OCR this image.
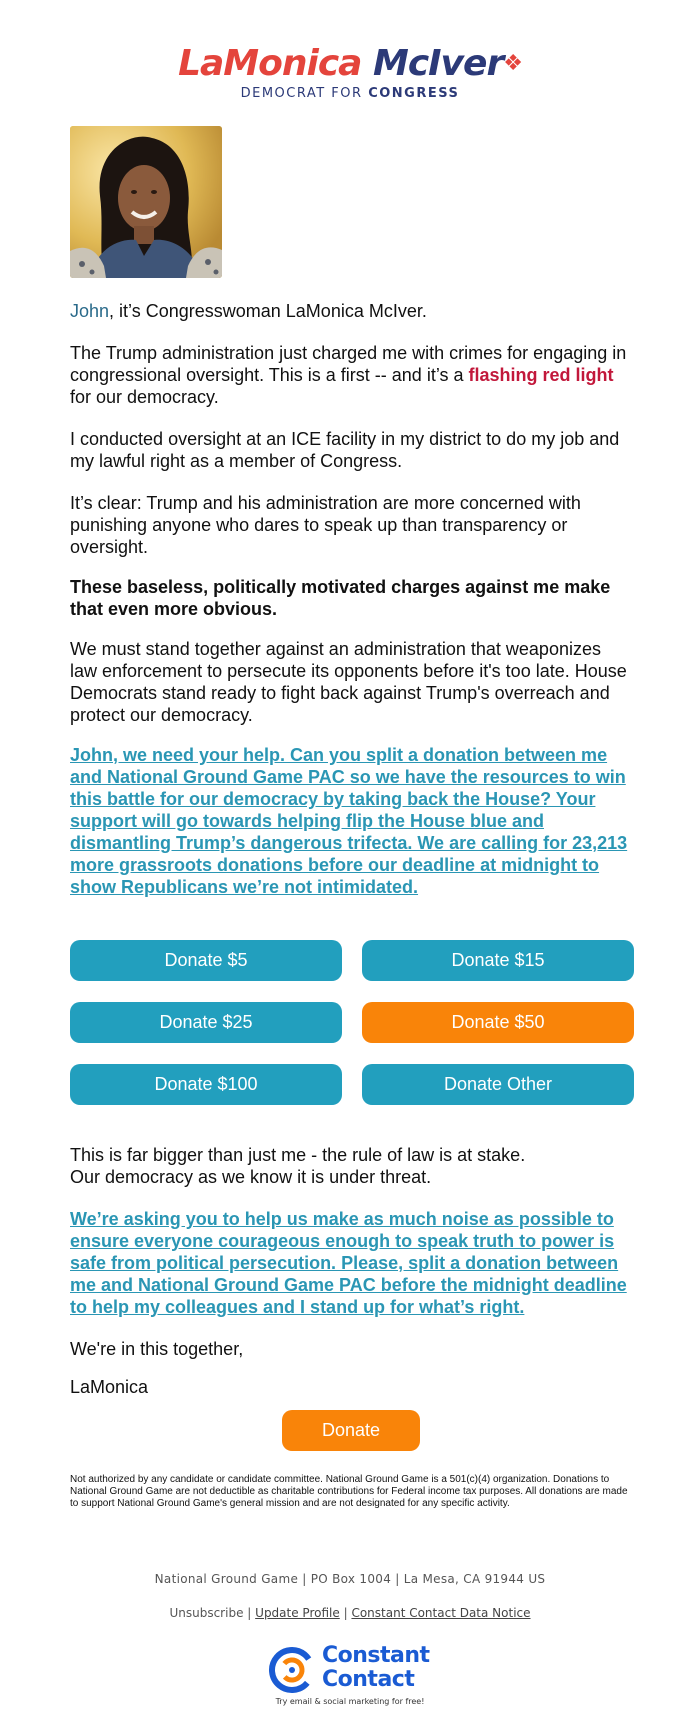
LaMonica McIver❖
DEMOCRAT FOR CONGRESS

John, it’s Congresswoman LaMonica McIver.

The Trump administration just charged me with crimes for engaging in congressional oversight. This is a first -- and it’s a flashing red light for our democracy.

I conducted oversight at an ICE facility in my district to do my job and my lawful right as a member of Congress.

It’s clear: Trump and his administration are more concerned with punishing anyone who dares to speak up than transparency or oversight.

These baseless, politically motivated charges against me make that even more obvious.

We must stand together against an administration that weaponizes law enforcement to persecute its opponents before it's too late. House Democrats stand ready to fight back against Trump's overreach and protect our democracy.

John, we need your help. Can you split a donation between me and National Ground Game PAC so we have the resources to win this battle for our democracy by taking back the House? Your support will go towards helping flip the House blue and dismantling Trump’s dangerous trifecta. We are calling for 23,213 more grassroots donations before our deadline at midnight to show Republicans we’re not intimidated.

Donate $5	Donate $15
Donate $25	Donate $50
Donate $100	Donate Other

This is far bigger than just me - the rule of law is at stake.

Our democracy as we know it is under threat.

We’re asking you to help us make as much noise as possible to ensure everyone courageous enough to speak truth to power is safe from political persecution. Please, split a donation between me and National Ground Game PAC before the midnight deadline to help my colleagues and I stand up for what’s right.

We're in this together,

LaMonica

Donate
Not authorized by any candidate or candidate committee. National Ground Game is a 501(c)(4) organization. Donations to National Ground Game are not deductible as charitable contributions for Federal income tax purposes. All donations are made to support National Ground Game's general mission and are not designated for any specific activity.
National Ground Game | PO Box 1004 | La Mesa, CA 91944 US
Unsubscribe | Update Profile | Constant Contact Data Notice
Constant
Contact
Try email & social marketing for free!
